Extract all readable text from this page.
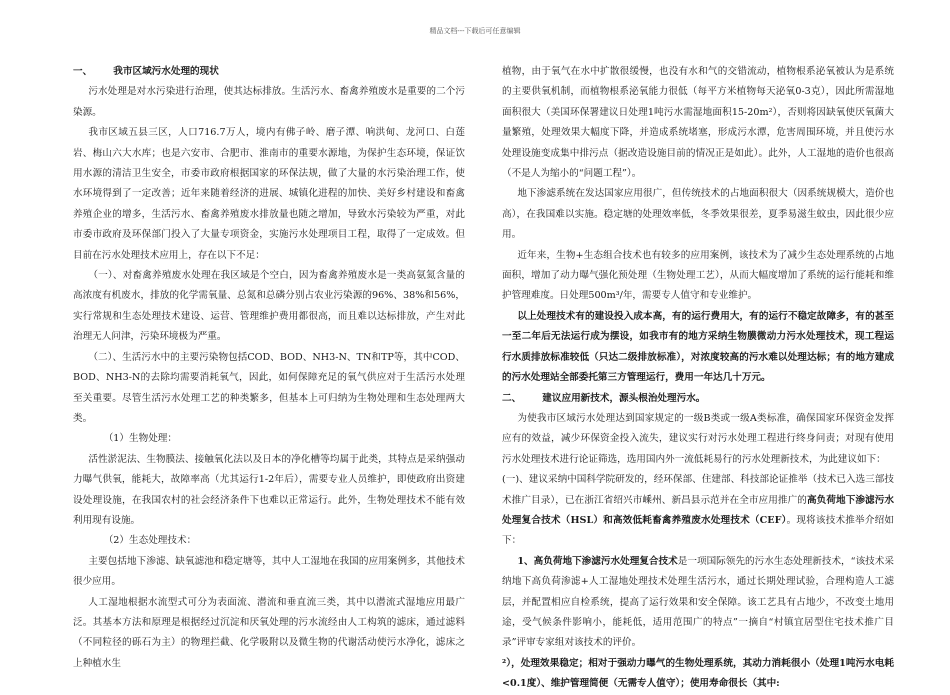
精品文档---下载后可任意编辑

一、 我市区域污水处理的现状

污水处理是对水污染进行治理，使其达标排放。生活污水、畜禽养殖废水是重要的二个污染源。

我市区域五县三区，人口716.7万人，境内有佛子岭、磨子潭、响洪甸、龙河口、白莲岩、梅山六大水库；也是六安市、合肥市、淮南市的重要水源地，为保护生态环境，保证饮用水源的清洁卫生安全，市委市政府根据国家的环保法规，做了大量的水污染治理工作，使水环境得到了一定改善；近年来随着经济的进展、城镇化进程的加快、美好乡村建设和畜禽养殖企业的增多，生活污水、畜禽养殖废水排放量也随之增加，导致水污染较为严重，对此市委市政府及环保部门投入了大量专项资金，实施污水处理项目工程，取得了一定成效。但目前在污水处理技术应用上，存在以下不足：

（一）、对畜禽养殖废水处理在我区域是个空白，因为畜禽养殖废水是一类高氨氮含量的高浓度有机废水，排放的化学需氧量、总氮和总磷分别占农业污染源的96%、38%和56%，实行常规和生态处理技术建设、运营、管理维护费用都很高，而且难以达标排放，产生对此治理无人问津，污染环境极为严重。

（二）、生活污水中的主要污染物包括COD、BOD、NH3-N、TN和TP等，其中COD、BOD、NH3-N的去除均需要消耗氧气，因此，如何保障充足的氧气供应对于生活污水处理至关重要。尽管生活污水处理工艺的种类繁多，但基本上可归纳为生物处理和生态处理两大类。

（1）生物处理：

活性淤泥法、生物膜法、接触氧化法以及日本的净化槽等均属于此类，其特点是采纳强动力曝气供氧，能耗大，故障率高（尤其运行1-2年后），需要专业人员维护，即使政府出资建设处理设施，在我国农村的社会经济条件下也难以正常运行。此外，生物处理技术不能有效利用现有设施。

（2）生态处理技术：

主要包括地下渗滤、缺氧滤池和稳定塘等，其中人工湿地在我国的应用案例多，其他技术很少应用。

人工湿地根据水流型式可分为表面流、潜流和垂直流三类，其中以潜流式湿地应用最广泛。其基本方法和原理是根据经过沉淀和厌氧处理的污水流经由人工构筑的滤床，通过滤料（不同粒径的砾石为主）的物理拦截、化学吸附以及微生物的代谢活动使污水净化，滤床之上种植水生

植物，由于氧气在水中扩散很缓慢，也没有水和气的交错流动，植物根系泌氧被认为是系统的主要供氧机制，而植物根系泌氧能力很低（每平方米植物每天泌氧0-3克），因此所需湿地面积很大（美国环保署建议日处理1吨污水需湿地面积15-20m²），否则将因缺氧使厌氧菌大量繁殖，处理效果大幅度下降，并造成系统堵塞，形成污水潭，危害周围环境，并且使污水处理设施变成集中排污点（据改造设施目前的情况正是如此）。此外，人工湿地的造价也很高（不是人为缩小的“问题工程”）。

地下渗滤系统在发达国家应用很广，但传统技术的占地面积很大（因系统规模大，造价也高），在我国难以实施。稳定塘的处理效率低，冬季效果很差，夏季易滋生蚊虫，因此很少应用。

近年来，生物+生态组合技术也有较多的应用案例，该技术为了减少生态处理系统的占地面积，增加了动力曝气强化预处理（生物处理工艺），从而大幅度增加了系统的运行能耗和维护管理难度。日处理500m³/年，需要专人值守和专业维护。

以上处理技术有的建设投入成本高，有的运行费用大，有的运行不稳定故障多，有的甚至一至二年后无法运行成为摆设，如我市有的地方采纳生物膜微动力污水处理技术，现工程运行水质排放标准较低（只达二级排放标准），对浓度较高的污水难以处理达标；有的地方建成的污水处理站全部委托第三方管理运行，费用一年达几十万元。

二、 建议应用新技术，源头根治处理污水。

为使我市区域污水处理达到国家规定的一级B类或一级A类标准，确保国家环保资金发挥应有的效益，减少环保资金投入流失，建议实行对污水处理工程进行终身问责；对现有使用污水处理技术进行论证筛选，选用国内外一流低耗易行的污水处理新技术，为此建议如下：

(一)、建议采纳中国科学院研发的，经环保部、住建部、科技部论证推举（技术已入选三部技术推广目录），已在浙江省绍兴市嵊州、新昌县示范并在全市应用推广的高负荷地下渗滤污水处理复合技术（HSL）和高效低耗畜禽养殖废水处理技术（CEF）。现将该技术推举介绍如下：

1、高负荷地下渗滤污水处理复合技术是一项国际领先的污水生态处理新技术，“该技术采纳地下高负荷渗滤+人工湿地处理技术处理生活污水，通过长期处理试验，合理构造人工滤层，并配置相应自检系统，提高了运行效果和安全保障。该工艺具有占地少，不改变土地用途，受气候条件影响小，能耗低，适用范围广的特点”一摘自“村镇宜居型住宅技术推广目录”评审专家组对该技术的评价。

²），处理效果稳定；相对于强动力曝气的生物处理系统，其动力消耗很小（处理1吨污水电耗<0.1度）、维护管理简便（无需专人值守）；使用寿命很长（其中:
